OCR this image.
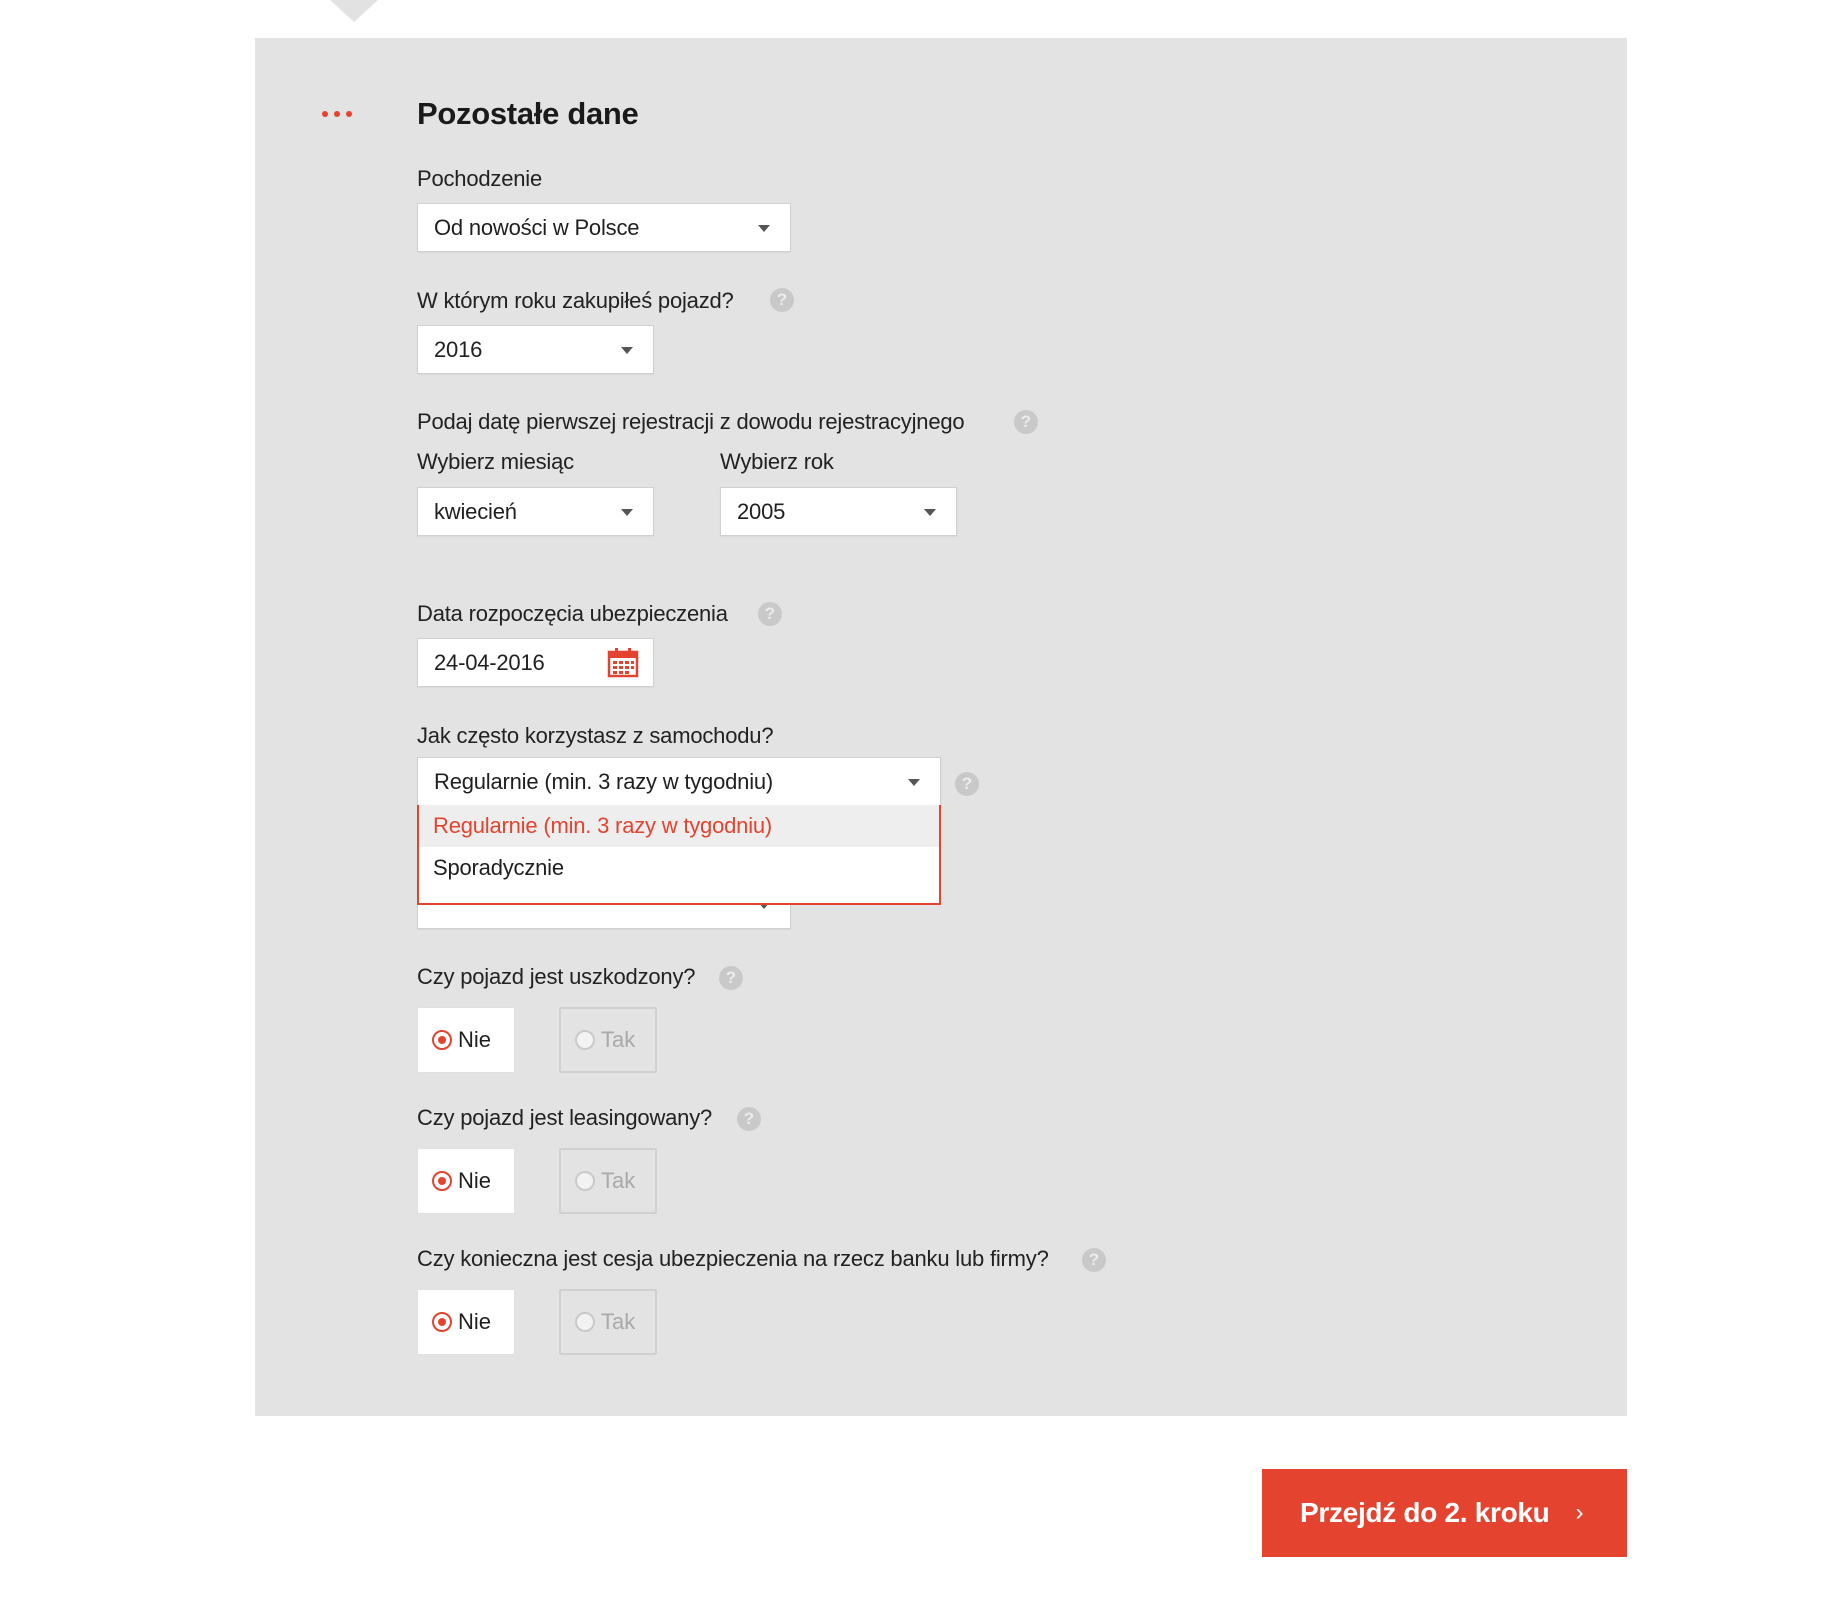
Pozostałe dane
Pochodzenie
Od nowości w Polsce
W którym roku zakupiłeś pojazd?	?
2016
Podaj datę pierwszej rejestracji z dowodu rejestracyjnego	?
Wybierz miesiąc	Wybierz rok
kwiecień	2005
Data rozpoczęcia ubezpieczenia	?
24-04-2016
Jak często korzystasz z samochodu?
Regularnie (min. 3 razy w tygodniu)	?
Regularnie (min. 3 razy w tygodniu)
Sporadycznie
Czy pojazd jest uszkodzony?	?
Nie	Tak
Czy pojazd jest leasingowany?	?
Nie	Tak
Czy konieczna jest cesja ubezpieczenia na rzecz banku lub firmy?	?
Nie	Tak
Przejdź do 2. kroku ›
